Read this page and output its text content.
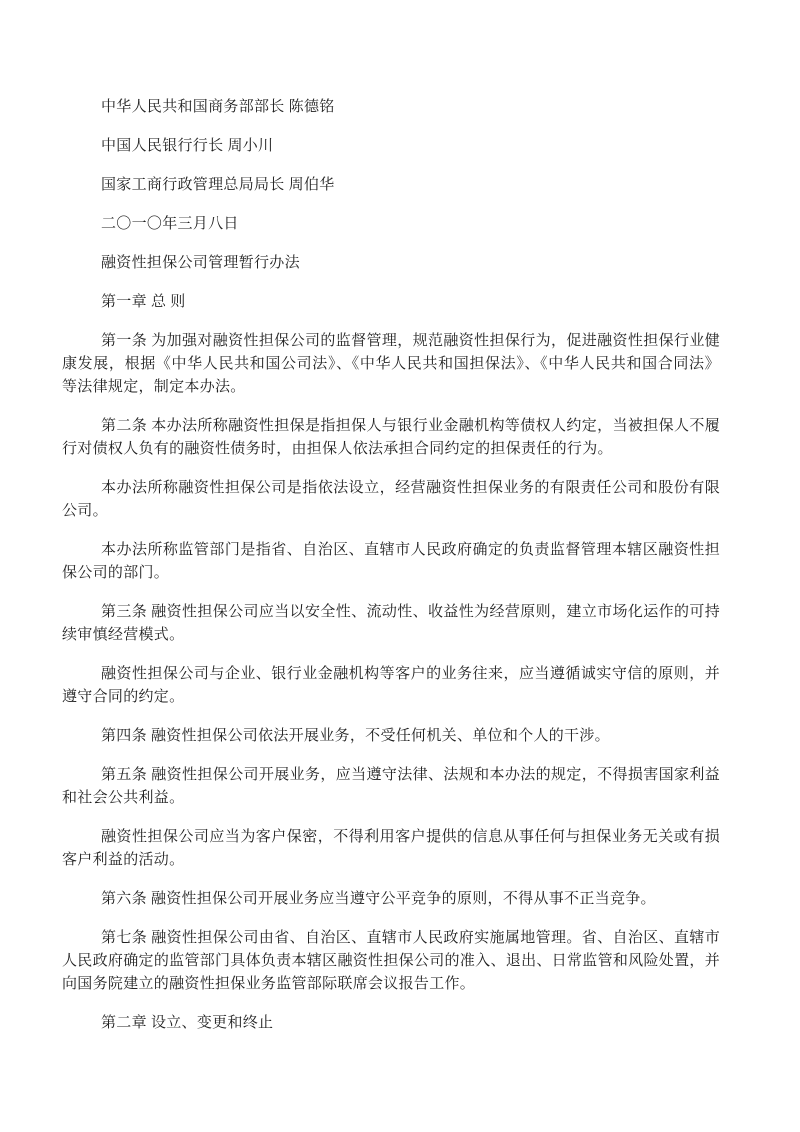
中华人民共和国商务部部长 陈德铭

中国人民银行行长 周小川

国家工商行政管理总局局长 周伯华

二〇一〇年三月八日

融资性担保公司管理暂行办法

第一章 总 则

第一条 为加强对融资性担保公司的监督管理，规范融资性担保行为，促进融资性担保行业健康发展，根据《中华人民共和国公司法》、《中华人民共和国担保法》、《中华人民共和国合同法》等法律规定，制定本办法。

第二条 本办法所称融资性担保是指担保人与银行业金融机构等债权人约定，当被担保人不履行对债权人负有的融资性债务时，由担保人依法承担合同约定的担保责任的行为。

本办法所称融资性担保公司是指依法设立，经营融资性担保业务的有限责任公司和股份有限公司。

本办法所称监管部门是指省、自治区、直辖市人民政府确定的负责监督管理本辖区融资性担保公司的部门。

第三条 融资性担保公司应当以安全性、流动性、收益性为经营原则，建立市场化运作的可持续审慎经营模式。

融资性担保公司与企业、银行业金融机构等客户的业务往来，应当遵循诚实守信的原则，并遵守合同的约定。

第四条 融资性担保公司依法开展业务，不受任何机关、单位和个人的干涉。

第五条 融资性担保公司开展业务，应当遵守法律、法规和本办法的规定，不得损害国家利益和社会公共利益。

融资性担保公司应当为客户保密，不得利用客户提供的信息从事任何与担保业务无关或有损客户利益的活动。

第六条 融资性担保公司开展业务应当遵守公平竞争的原则，不得从事不正当竞争。

第七条 融资性担保公司由省、自治区、直辖市人民政府实施属地管理。省、自治区、直辖市人民政府确定的监管部门具体负责本辖区融资性担保公司的准入、退出、日常监管和风险处置，并向国务院建立的融资性担保业务监管部际联席会议报告工作。

第二章 设立、变更和终止
